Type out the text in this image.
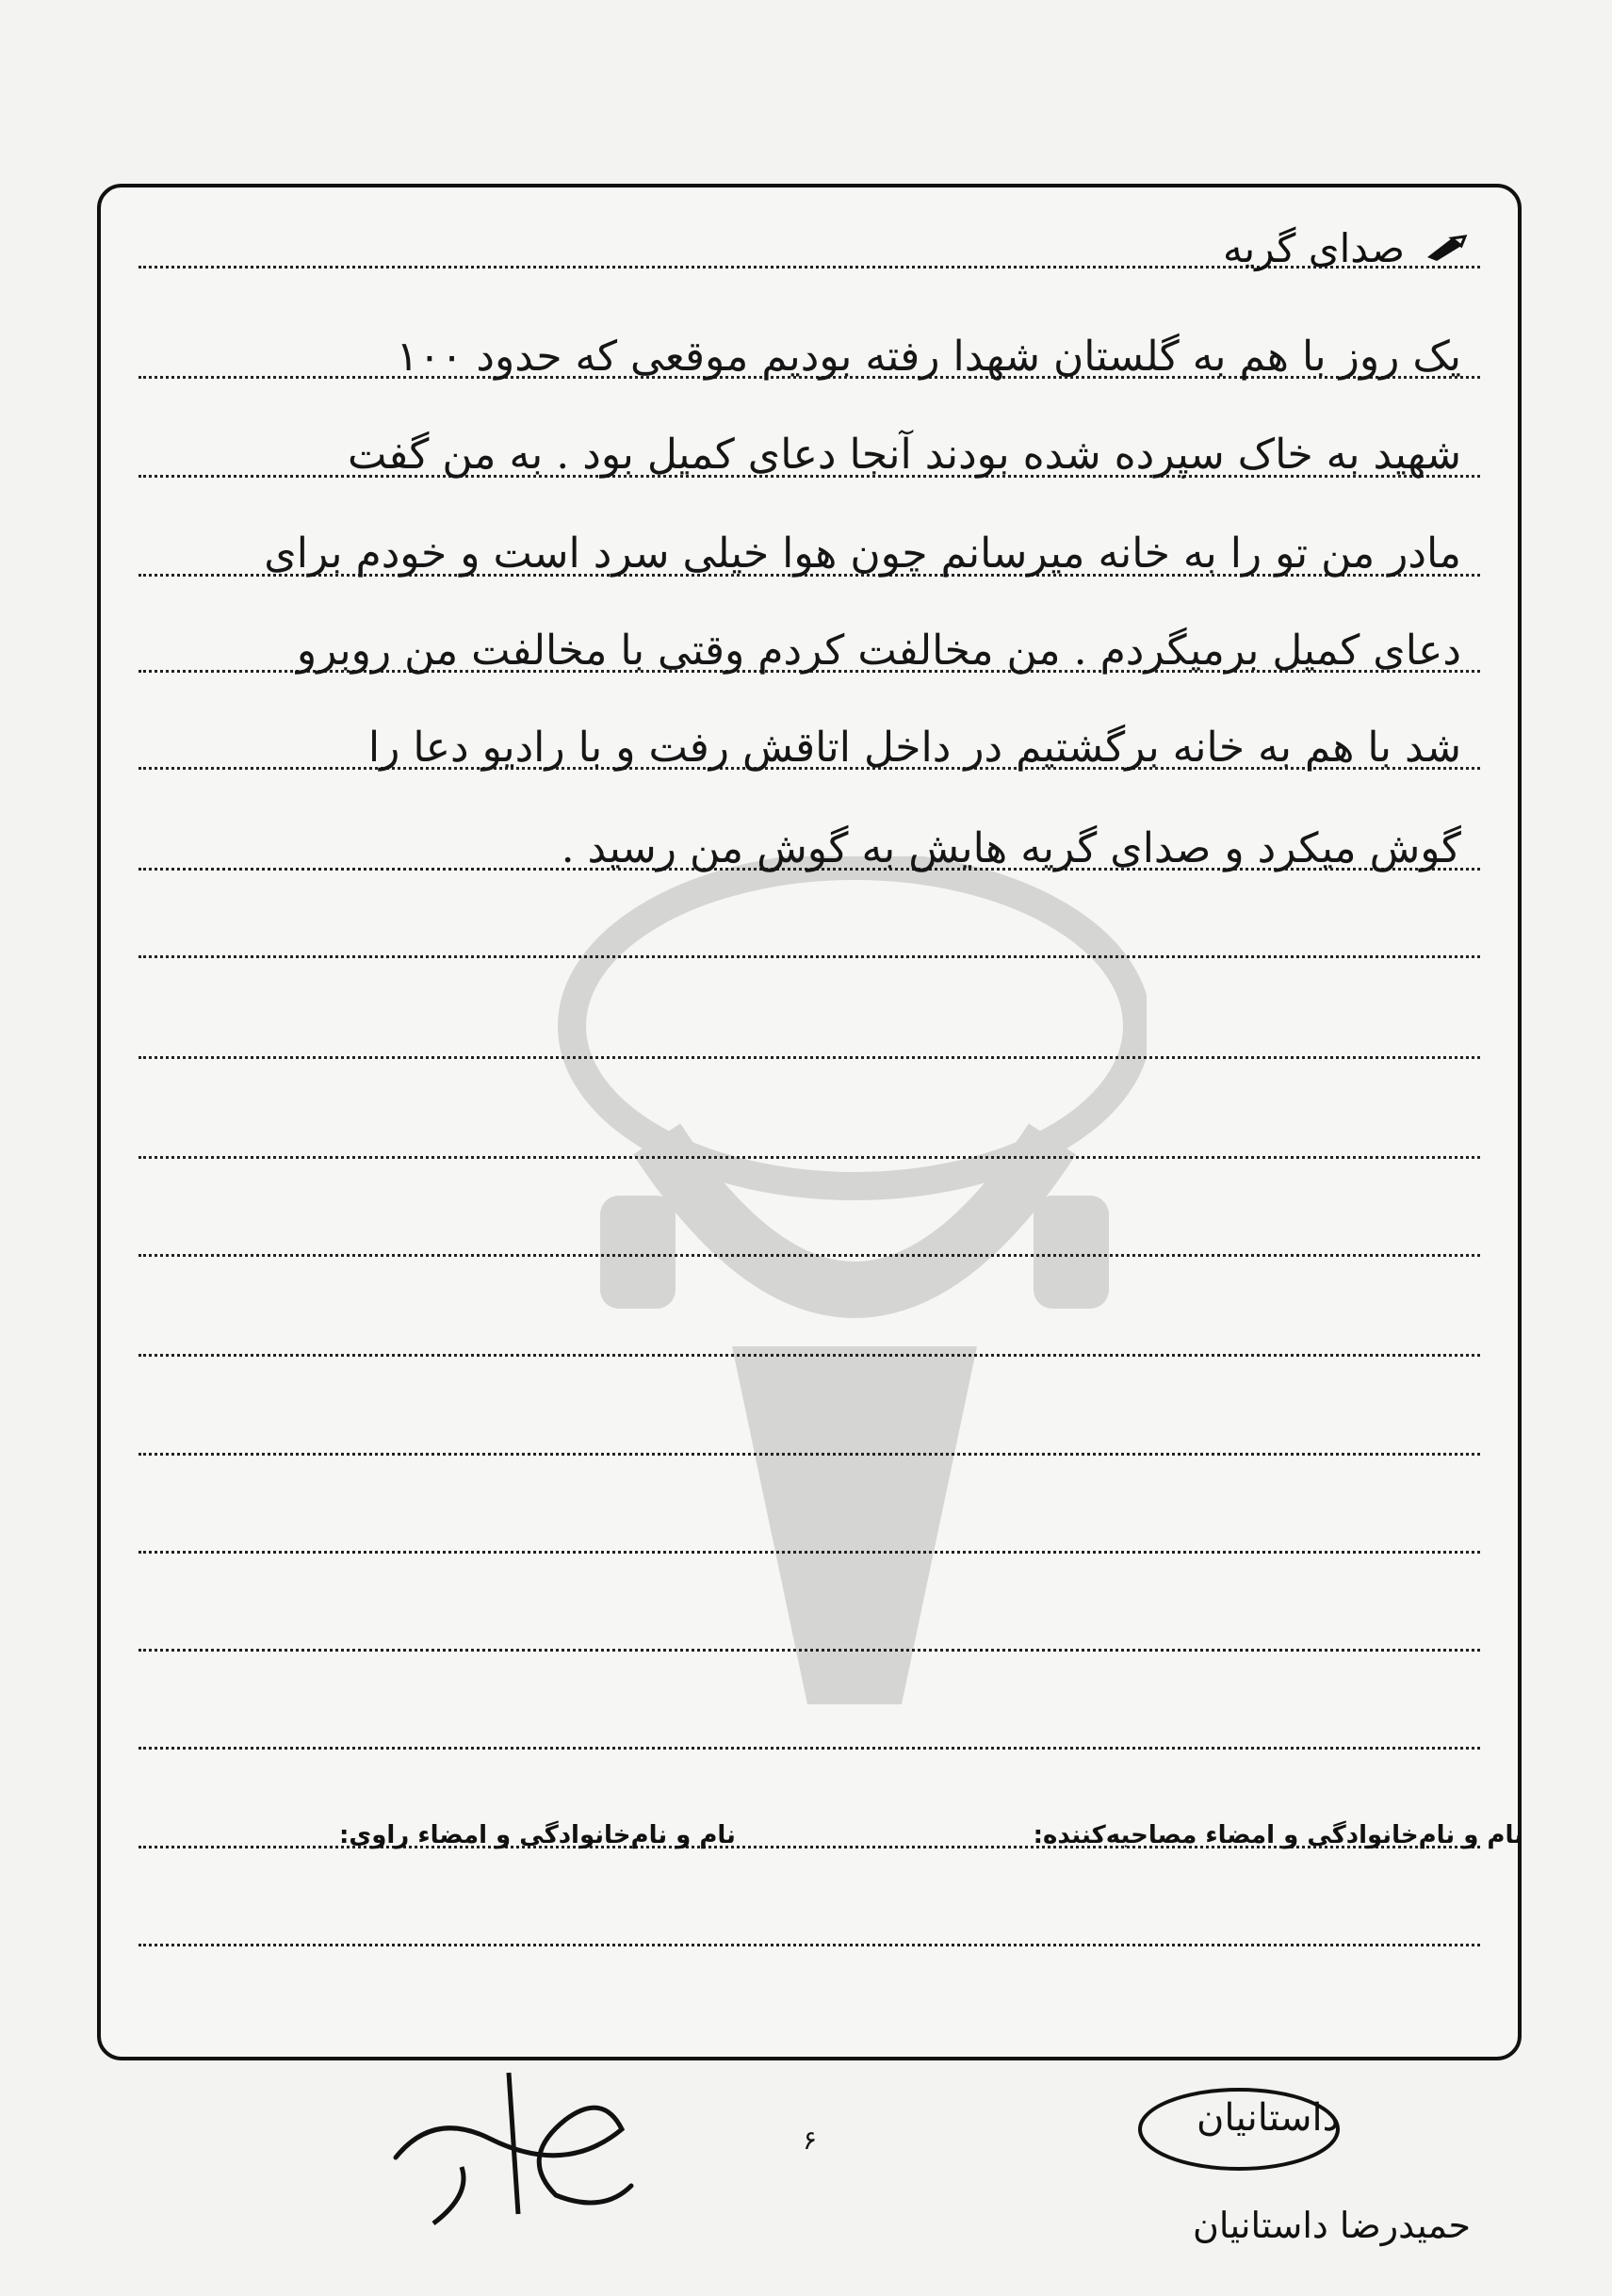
صدای گریه
یک روز با هم به گلستان شهدا رفته بودیم موقعی که حدود ۱۰۰
شهید به خاک سپرده شده بودند آنجا دعای کمیل بود . به من گفت
مادر من تو را به خانه میرسانم چون هوا خیلی سرد است و خودم برای
دعای کمیل برمیگردم . من مخالفت کردم وقتی با مخالفت من روبرو
شد با هم به خانه برگشتیم در داخل اتاقش رفت و با رادیو دعا را
گوش میکرد و صدای گریه هایش به گوش من رسید .
نام و نام‌خانوادگی و امضاء مصاحبه‌کننده:
نام و نام‌خانوادگی و امضاء راوی:
داستانیان
۶
حمیدرضا داستانیان
